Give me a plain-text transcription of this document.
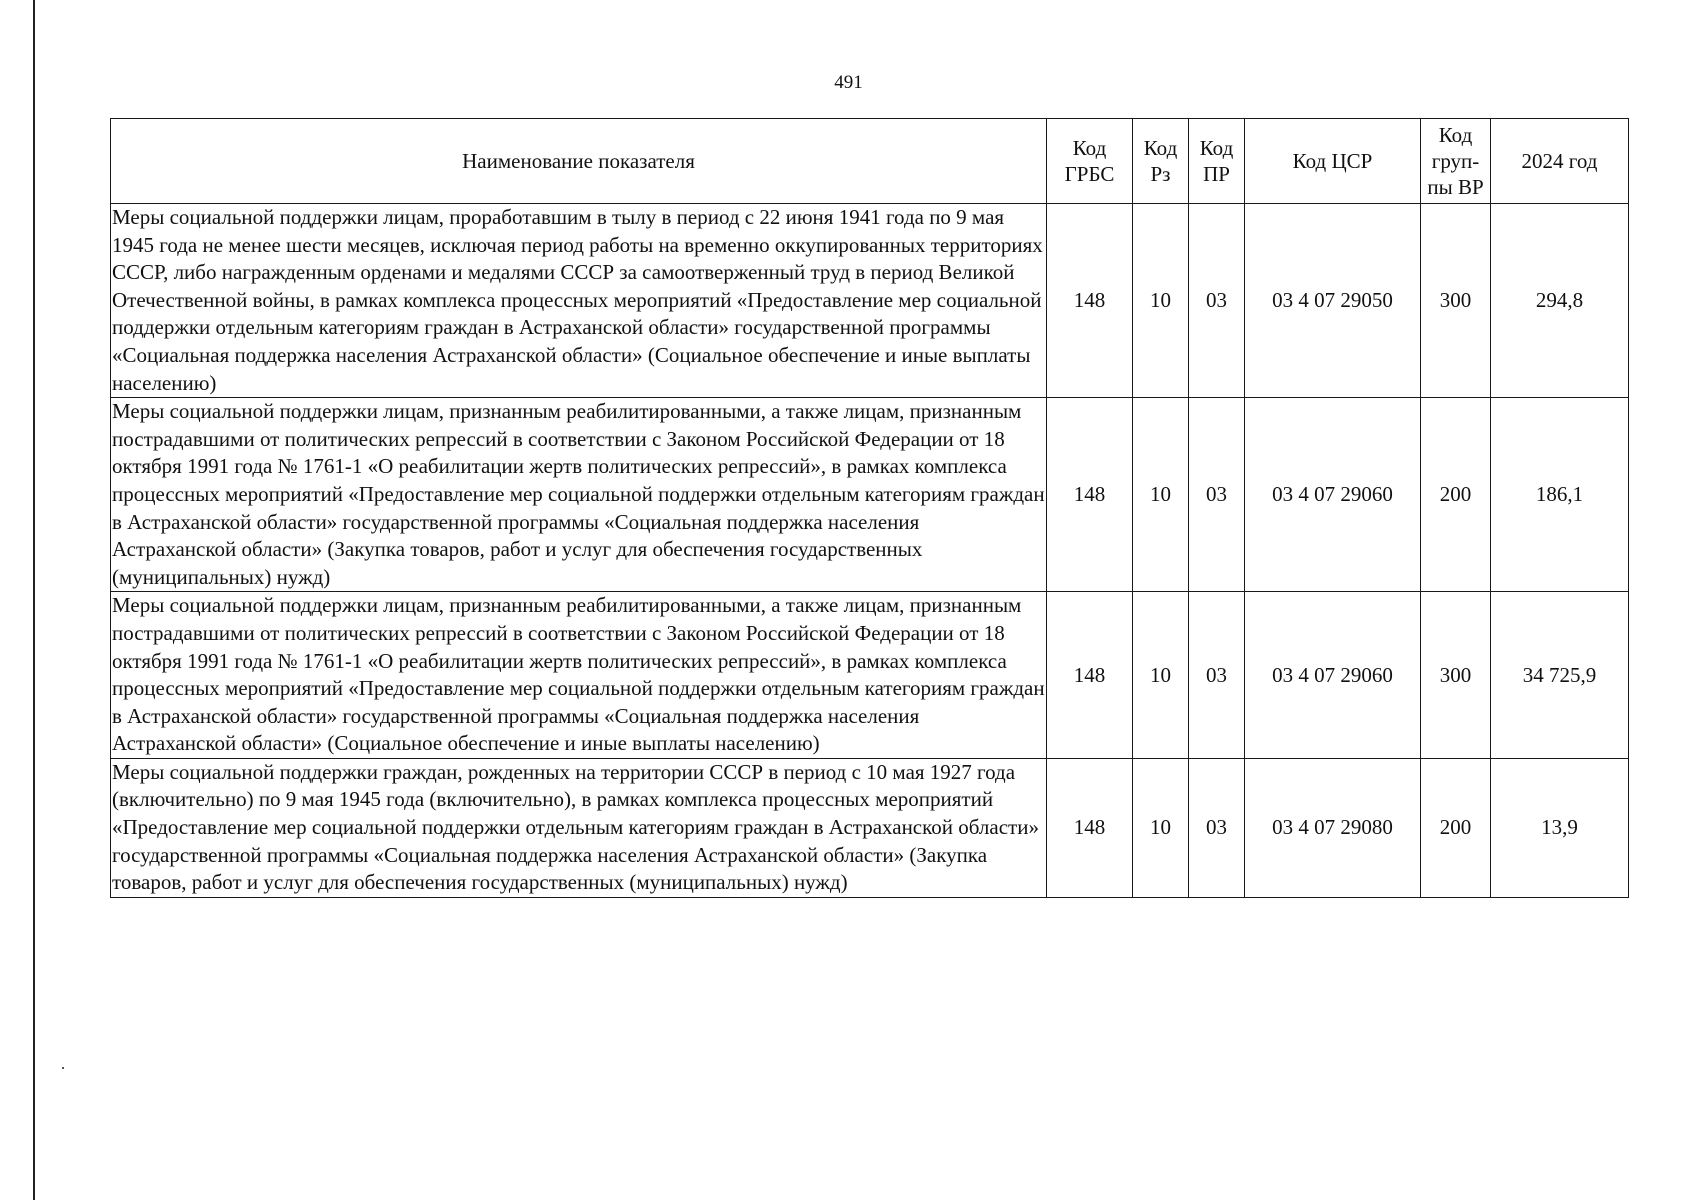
491
Наименование показателя	Код ГРБС	Код Рз	Код ПР	Код ЦСР	Код груп-пы ВР	2024 год
Меры социальной поддержки лицам, проработавшим в тылу в период с 22 июня 1941 года по 9 мая 1945 года не менее шести месяцев, исключая период работы на временно оккупированных территориях СССР, либо награжденным орденами и медалями СССР за самоотверженный труд в период Великой Отечественной войны, в рамках комплекса процессных мероприятий «Предоставление мер социальной поддержки отдельным категориям граждан в Астраханской области» государственной программы «Социальная поддержка населения Астраханской области» (Социальное обеспечение и иные выплаты населению)	148	10	03	03 4 07 29050	300	294,8
Меры социальной поддержки лицам, признанным реабилитированными, а также лицам, признанным пострадавшими от политических репрессий в соответствии с Законом Российской Федерации от 18 октября 1991 года № 1761-1 «О реабилитации жертв политических репрессий», в рамках комплекса процессных мероприятий «Предоставление мер социальной поддержки отдельным категориям граждан в Астраханской области» государственной программы «Социальная поддержка населения Астраханской области» (Закупка товаров, работ и услуг для обеспечения государственных (муниципальных) нужд)	148	10	03	03 4 07 29060	200	186,1
Меры социальной поддержки лицам, признанным реабилитированными, а также лицам, признанным пострадавшими от политических репрессий в соответствии с Законом Российской Федерации от 18 октября 1991 года № 1761-1 «О реабилитации жертв политических репрессий», в рамках комплекса процессных мероприятий «Предоставление мер социальной поддержки отдельным категориям граждан в Астраханской области» государственной программы «Социальная поддержка населения Астраханской области» (Социальное обеспечение и иные выплаты населению)	148	10	03	03 4 07 29060	300	34 725,9
Меры социальной поддержки граждан, рожденных на территории СССР в период с 10 мая 1927 года (включительно) по 9 мая 1945 года (включительно), в рамках комплекса процессных мероприятий «Предоставление мер социальной поддержки отдельным категориям граждан в Астраханской области» государственной программы «Социальная поддержка населения Астраханской области» (Закупка товаров, работ и услуг для обеспечения государственных (муниципальных) нужд)	148	10	03	03 4 07 29080	200	13,9
